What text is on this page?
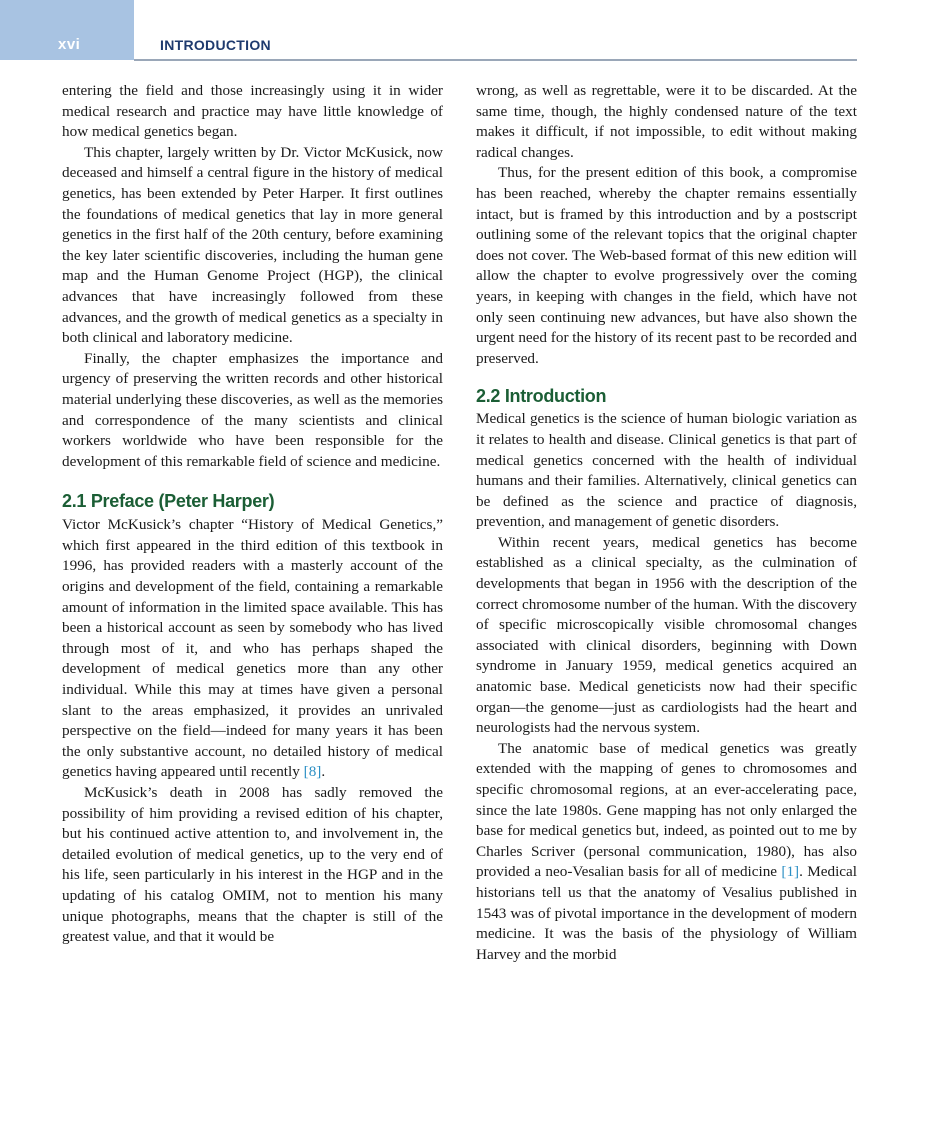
xvi	INTRODUCTION

entering the field and those increasingly using it in wider medical research and practice may have little knowledge of how medical genetics began.

This chapter, largely written by Dr. Victor McKusick, now deceased and himself a central figure in the history of medical genetics, has been extended by Peter Harper. It first outlines the foundations of medical genetics that lay in more general genetics in the first half of the 20th century, before examining the key later scientific discoveries, including the human gene map and the Human Genome Project (HGP), the clinical advances that have increasingly followed from these advances, and the growth of medical genetics as a specialty in both clinical and laboratory medicine.

Finally, the chapter emphasizes the importance and urgency of preserving the written records and other historical material underlying these discoveries, as well as the memories and correspondence of the many scientists and clinical workers worldwide who have been responsible for the development of this remarkable field of science and medicine.

2.1 Preface (Peter Harper)

Victor McKusick’s chapter “History of Medical Genetics,” which first appeared in the third edition of this textbook in 1996, has provided readers with a masterly account of the origins and development of the field, containing a remarkable amount of information in the limited space available. This has been a historical account as seen by somebody who has lived through most of it, and who has perhaps shaped the development of medical genetics more than any other individual. While this may at times have given a personal slant to the areas emphasized, it provides an unrivaled perspective on the field—indeed for many years it has been the only substantive account, no detailed history of medical genetics having appeared until recently [8].

McKusick’s death in 2008 has sadly removed the possibility of him providing a revised edition of his chapter, but his continued active attention to, and involvement in, the detailed evolution of medical genetics, up to the very end of his life, seen particularly in his interest in the HGP and in the updating of his catalog OMIM, not to mention his many unique photographs, means that the chapter is still of the greatest value, and that it would be

wrong, as well as regrettable, were it to be discarded. At the same time, though, the highly condensed nature of the text makes it difficult, if not impossible, to edit without making radical changes.

Thus, for the present edition of this book, a compromise has been reached, whereby the chapter remains essentially intact, but is framed by this introduction and by a postscript outlining some of the relevant topics that the original chapter does not cover. The Web-based format of this new edition will allow the chapter to evolve progressively over the coming years, in keeping with changes in the field, which have not only seen continuing new advances, but have also shown the urgent need for the history of its recent past to be recorded and preserved.

2.2 Introduction

Medical genetics is the science of human biologic variation as it relates to health and disease. Clinical genetics is that part of medical genetics concerned with the health of individual humans and their families. Alternatively, clinical genetics can be defined as the science and practice of diagnosis, prevention, and management of genetic disorders.

Within recent years, medical genetics has become established as a clinical specialty, as the culmination of developments that began in 1956 with the description of the correct chromosome number of the human. With the discovery of specific microscopically visible chromosomal changes associated with clinical disorders, beginning with Down syndrome in January 1959, medical genetics acquired an anatomic base. Medical geneticists now had their specific organ—the genome—just as cardiologists had the heart and neurologists had the nervous system.

The anatomic base of medical genetics was greatly extended with the mapping of genes to chromosomes and specific chromosomal regions, at an ever-accelerating pace, since the late 1980s. Gene mapping has not only enlarged the base for medical genetics but, indeed, as pointed out to me by Charles Scriver (personal communication, 1980), has also provided a neo-Vesalian basis for all of medicine [1]. Medical historians tell us that the anatomy of Vesalius published in 1543 was of pivotal importance in the development of modern medicine. It was the basis of the physiology of William Harvey and the morbid
